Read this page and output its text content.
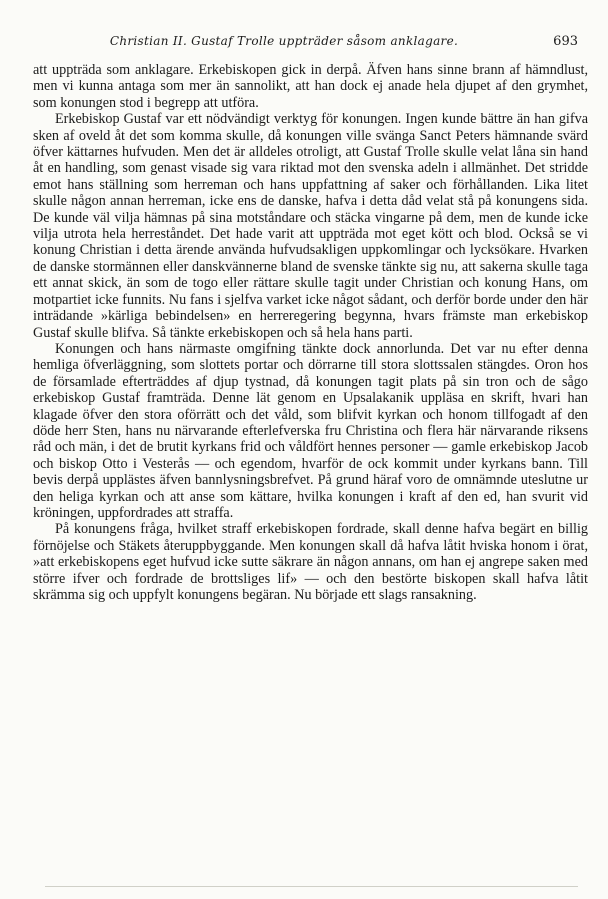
Christian II. Gustaf Trolle uppträder såsom anklagare.	693

att uppträda som anklagare. Erkebiskopen gick in derpå. Äfven hans sinne brann af hämndlust, men vi kunna antaga som mer än sannolikt, att han dock ej anade hela djupet af den grymhet, som konungen stod i begrepp att utföra.

Erkebiskop Gustaf var ett nödvändigt verktyg för konungen. Ingen kunde bättre än han gifva sken af oveld åt det som komma skulle, då konungen ville svänga Sanct Peters hämnande svärd öfver kättarnes hufvuden. Men det är alldeles otroligt, att Gustaf Trolle skulle velat låna sin hand åt en handling, som genast visade sig vara riktad mot den svenska adeln i allmänhet. Det stridde emot hans ställning som herreman och hans uppfattning af saker och förhållanden. Lika litet skulle någon annan herreman, icke ens de danske, hafva i detta dåd velat stå på konungens sida. De kunde väl vilja hämnas på sina motståndare och stäcka vingarne på dem, men de kunde icke vilja utrota hela herreståndet. Det hade varit att uppträda mot eget kött och blod. Också se vi konung Christian i detta ärende använda hufvudsakligen uppkomlingar och lycksökare. Hvarken de danske stormännen eller danskvännerne bland de svenske tänkte sig nu, att sakerna skulle taga ett annat skick, än som de togo eller rättare skulle tagit under Christian och konung Hans, om motpartiet icke funnits. Nu fans i sjelfva varket icke något sådant, och derför borde under den här inträdande »kärliga bebindelsen» en herreregering begynna, hvars främste man erkebiskop Gustaf skulle blifva. Så tänkte erkebiskopen och så hela hans parti.

Konungen och hans närmaste omgifning tänkte dock annorlunda. Det var nu efter denna hemliga öfverläggning, som slottets portar och dörrarne till stora slottssalen stängdes. Oron hos de församlade efterträddes af djup tystnad, då konungen tagit plats på sin tron och de sågo erkebiskop Gustaf framträda. Denne lät genom en Upsalakanik uppläsa en skrift, hvari han klagade öfver den stora oförrätt och det våld, som blifvit kyrkan och honom tillfogadt af den döde herr Sten, hans nu närvarande efterlefverska fru Christina och flera här närvarande riksens råd och män, i det de brutit kyrkans frid och våldfört hennes personer — gamle erkebiskop Jacob och biskop Otto i Vesterås — och egendom, hvarför de ock kommit under kyrkans bann. Till bevis derpå upplästes äfven bannlysningsbrefvet. På grund häraf voro de omnämnde uteslutne ur den heliga kyrkan och att anse som kättare, hvilka konungen i kraft af den ed, han svurit vid kröningen, uppfordrades att straffa.

På konungens fråga, hvilket straff erkebiskopen fordrade, skall denne hafva begärt en billig förnöjelse och Stäkets återuppbyggande. Men konungen skall då hafva låtit hviska honom i örat, »att erkebiskopens eget hufvud icke sutte säkrare än någon annans, om han ej angrepe saken med större ifver och fordrade de brottsliges lif» — och den bestörte biskopen skall hafva låtit skrämma sig och uppfylt konungens begäran. Nu började ett slags ransakning.
